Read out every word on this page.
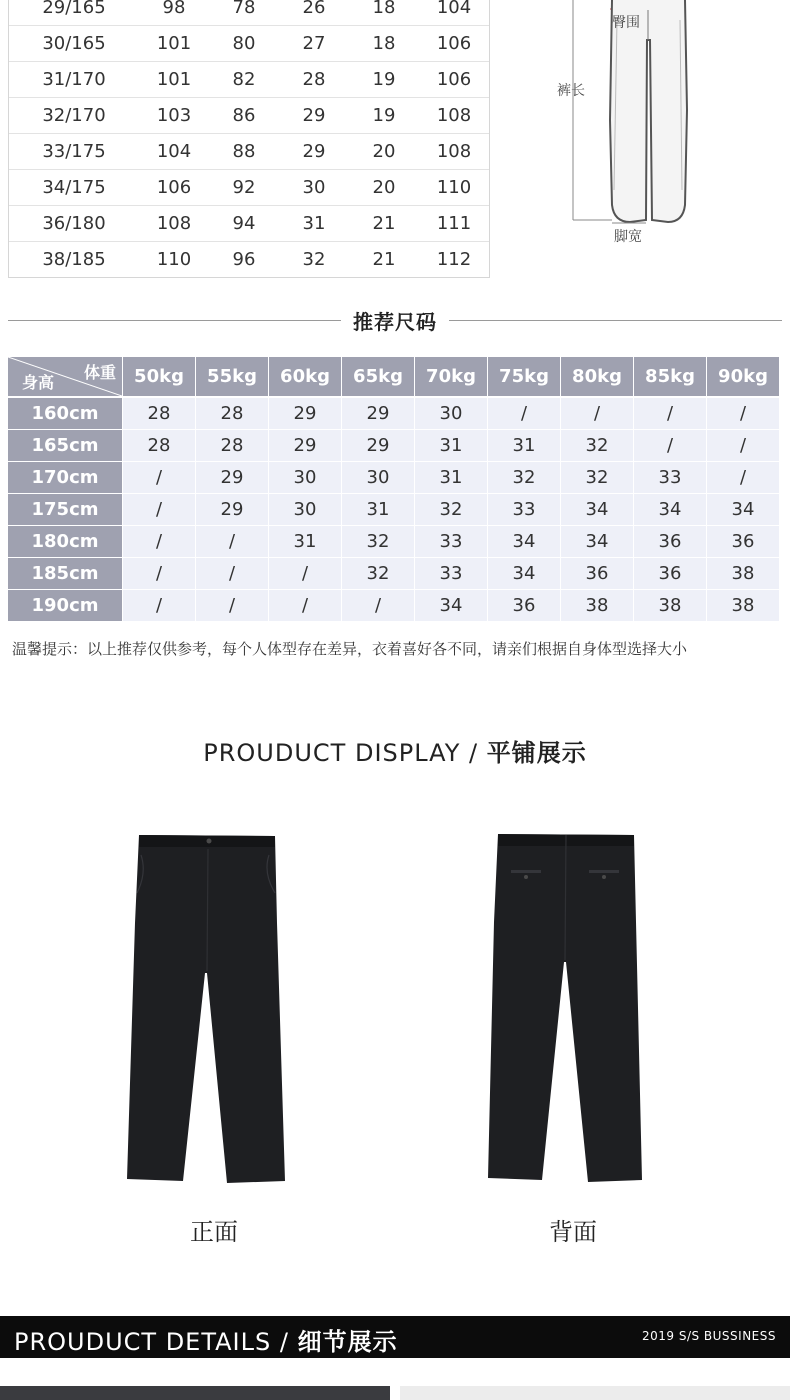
29/165	98	78	26	18	104
30/165	101	80	27	18	106
31/170	101	82	28	19	106
32/170	103	86	29	19	108
33/175	104	88	29	20	108
34/175	106	92	30	20	110
36/180	108	94	31	21	111
38/185	110	96	32	21	112
臀围
裤长
脚宽
推荐尺码
体重
身高	50kg	55kg	60kg	65kg	70kg	75kg	80kg	85kg	90kg
160cm	28	28	29	29	30	/	/	/	/
165cm	28	28	29	29	31	31	32	/	/
170cm	/	29	30	30	31	32	32	33	/
175cm	/	29	30	31	32	33	34	34	34
180cm	/	/	31	32	33	34	34	36	36
185cm	/	/	/	32	33	34	36	36	38
190cm	/	/	/	/	34	36	38	38	38
温馨提示：以上推荐仅供参考，每个人体型存在差异，衣着喜好各不同，请亲们根据自身体型选择大小
PROUDUCT DISPLAY / 平铺展示
正面	背面
PROUDUCT DETAILS / 细节展示	2019 S/S BUSSINESS
